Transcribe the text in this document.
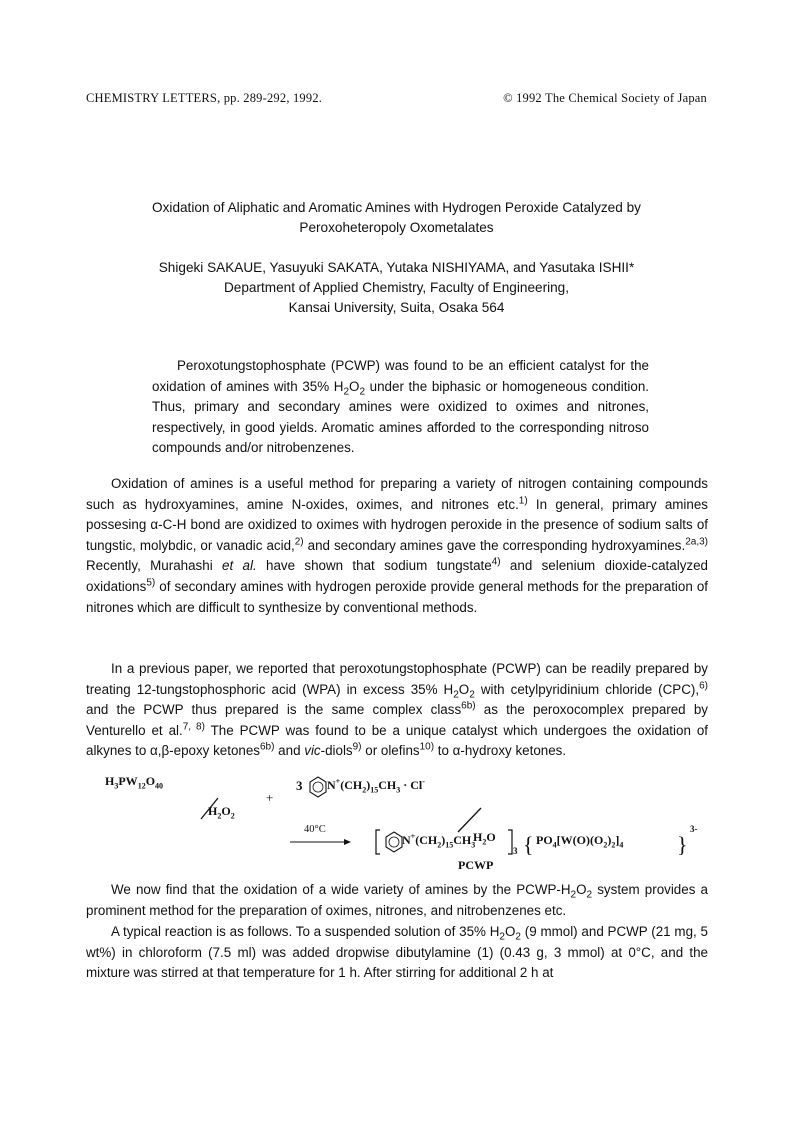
CHEMISTRY LETTERS, pp. 289-292, 1992.	© 1992 The Chemical Society of Japan
Oxidation of Aliphatic and Aromatic Amines with Hydrogen Peroxide Catalyzed by
Peroxoheteropoly Oxometalates
Shigeki SAKAUE, Yasuyuki SAKATA, Yutaka NISHIYAMA, and Yasutaka ISHII*
Department of Applied Chemistry, Faculty of Engineering,
Kansai University, Suita, Osaka 564
Peroxotungstophosphate (PCWP) was found to be an efficient catalyst for the oxidation of amines with 35% $H_2O_2$ under the biphasic or homogeneous condition. Thus, primary and secondary amines were oxidized to oximes and nitrones, respectively, in good yields. Aromatic amines afforded to the corresponding nitroso compounds and/or nitrobenzenes.
Oxidation of amines is a useful method for preparing a variety of nitrogen containing compounds such as hydroxyamines, amine N-oxides, oximes, and nitrones etc.$^{1)}$ In general, primary amines possesing α-C-H bond are oxidized to oximes with hydrogen peroxide in the presence of sodium salts of tungstic, molybdic, or vanadic acid,$^{2)}$ and secondary amines gave the corresponding hydroxyamines.$^{2a,3)}$ Recently, Murahashi et al. have shown that sodium tungstate$^{4)}$ and selenium dioxide-catalyzed oxidations$^{5)}$ of secondary amines with hydrogen peroxide provide general methods for the preparation of nitrones which are difficult to synthesize by conventional methods.
In a previous paper, we reported that peroxotungstophosphate (PCWP) can be readily prepared by treating 12-tungstophosphoric acid (WPA) in excess 35% $H_2O_2$ with cetylpyridinium chloride (CPC),$^{6)}$ and the PCWP thus prepared is the same complex class$^{6b)}$ as the peroxocomplex prepared by Venturello et al.$^{7, 8)}$ The PCWP was found to be a unique catalyst which undergoes the oxidation of alkynes to α,β-epoxy ketones$^{6b)}$ and vic-diols$^{9)}$ or olefins$^{10)}$ to α-hydroxy ketones.
{	}
$H_3PW_{12}O_{40}$
$H_2O_2$
+
3 $N^+(CH_2)_{15}CH_3 \cdot Cl^-$
$H_2O$
40°C
$N^+(CH_2)_{15}CH_3$
3
$PO_4[W(O)(O_2)_2]_4$
3-
PCWP
We now find that the oxidation of a wide variety of amines by the PCWP-$H_2O_2$ system provides a prominent method for the preparation of oximes, nitrones, and nitrobenzenes etc.
A typical reaction is as follows. To a suspended solution of 35% $H_2O_2$ (9 mmol) and PCWP (21 mg, 5 wt%) in chloroform (7.5 ml) was added dropwise dibutylamine (1) (0.43 g, 3 mmol) at 0°C, and the mixture was stirred at that temperature for 1 h. After stirring for additional 2 h at
